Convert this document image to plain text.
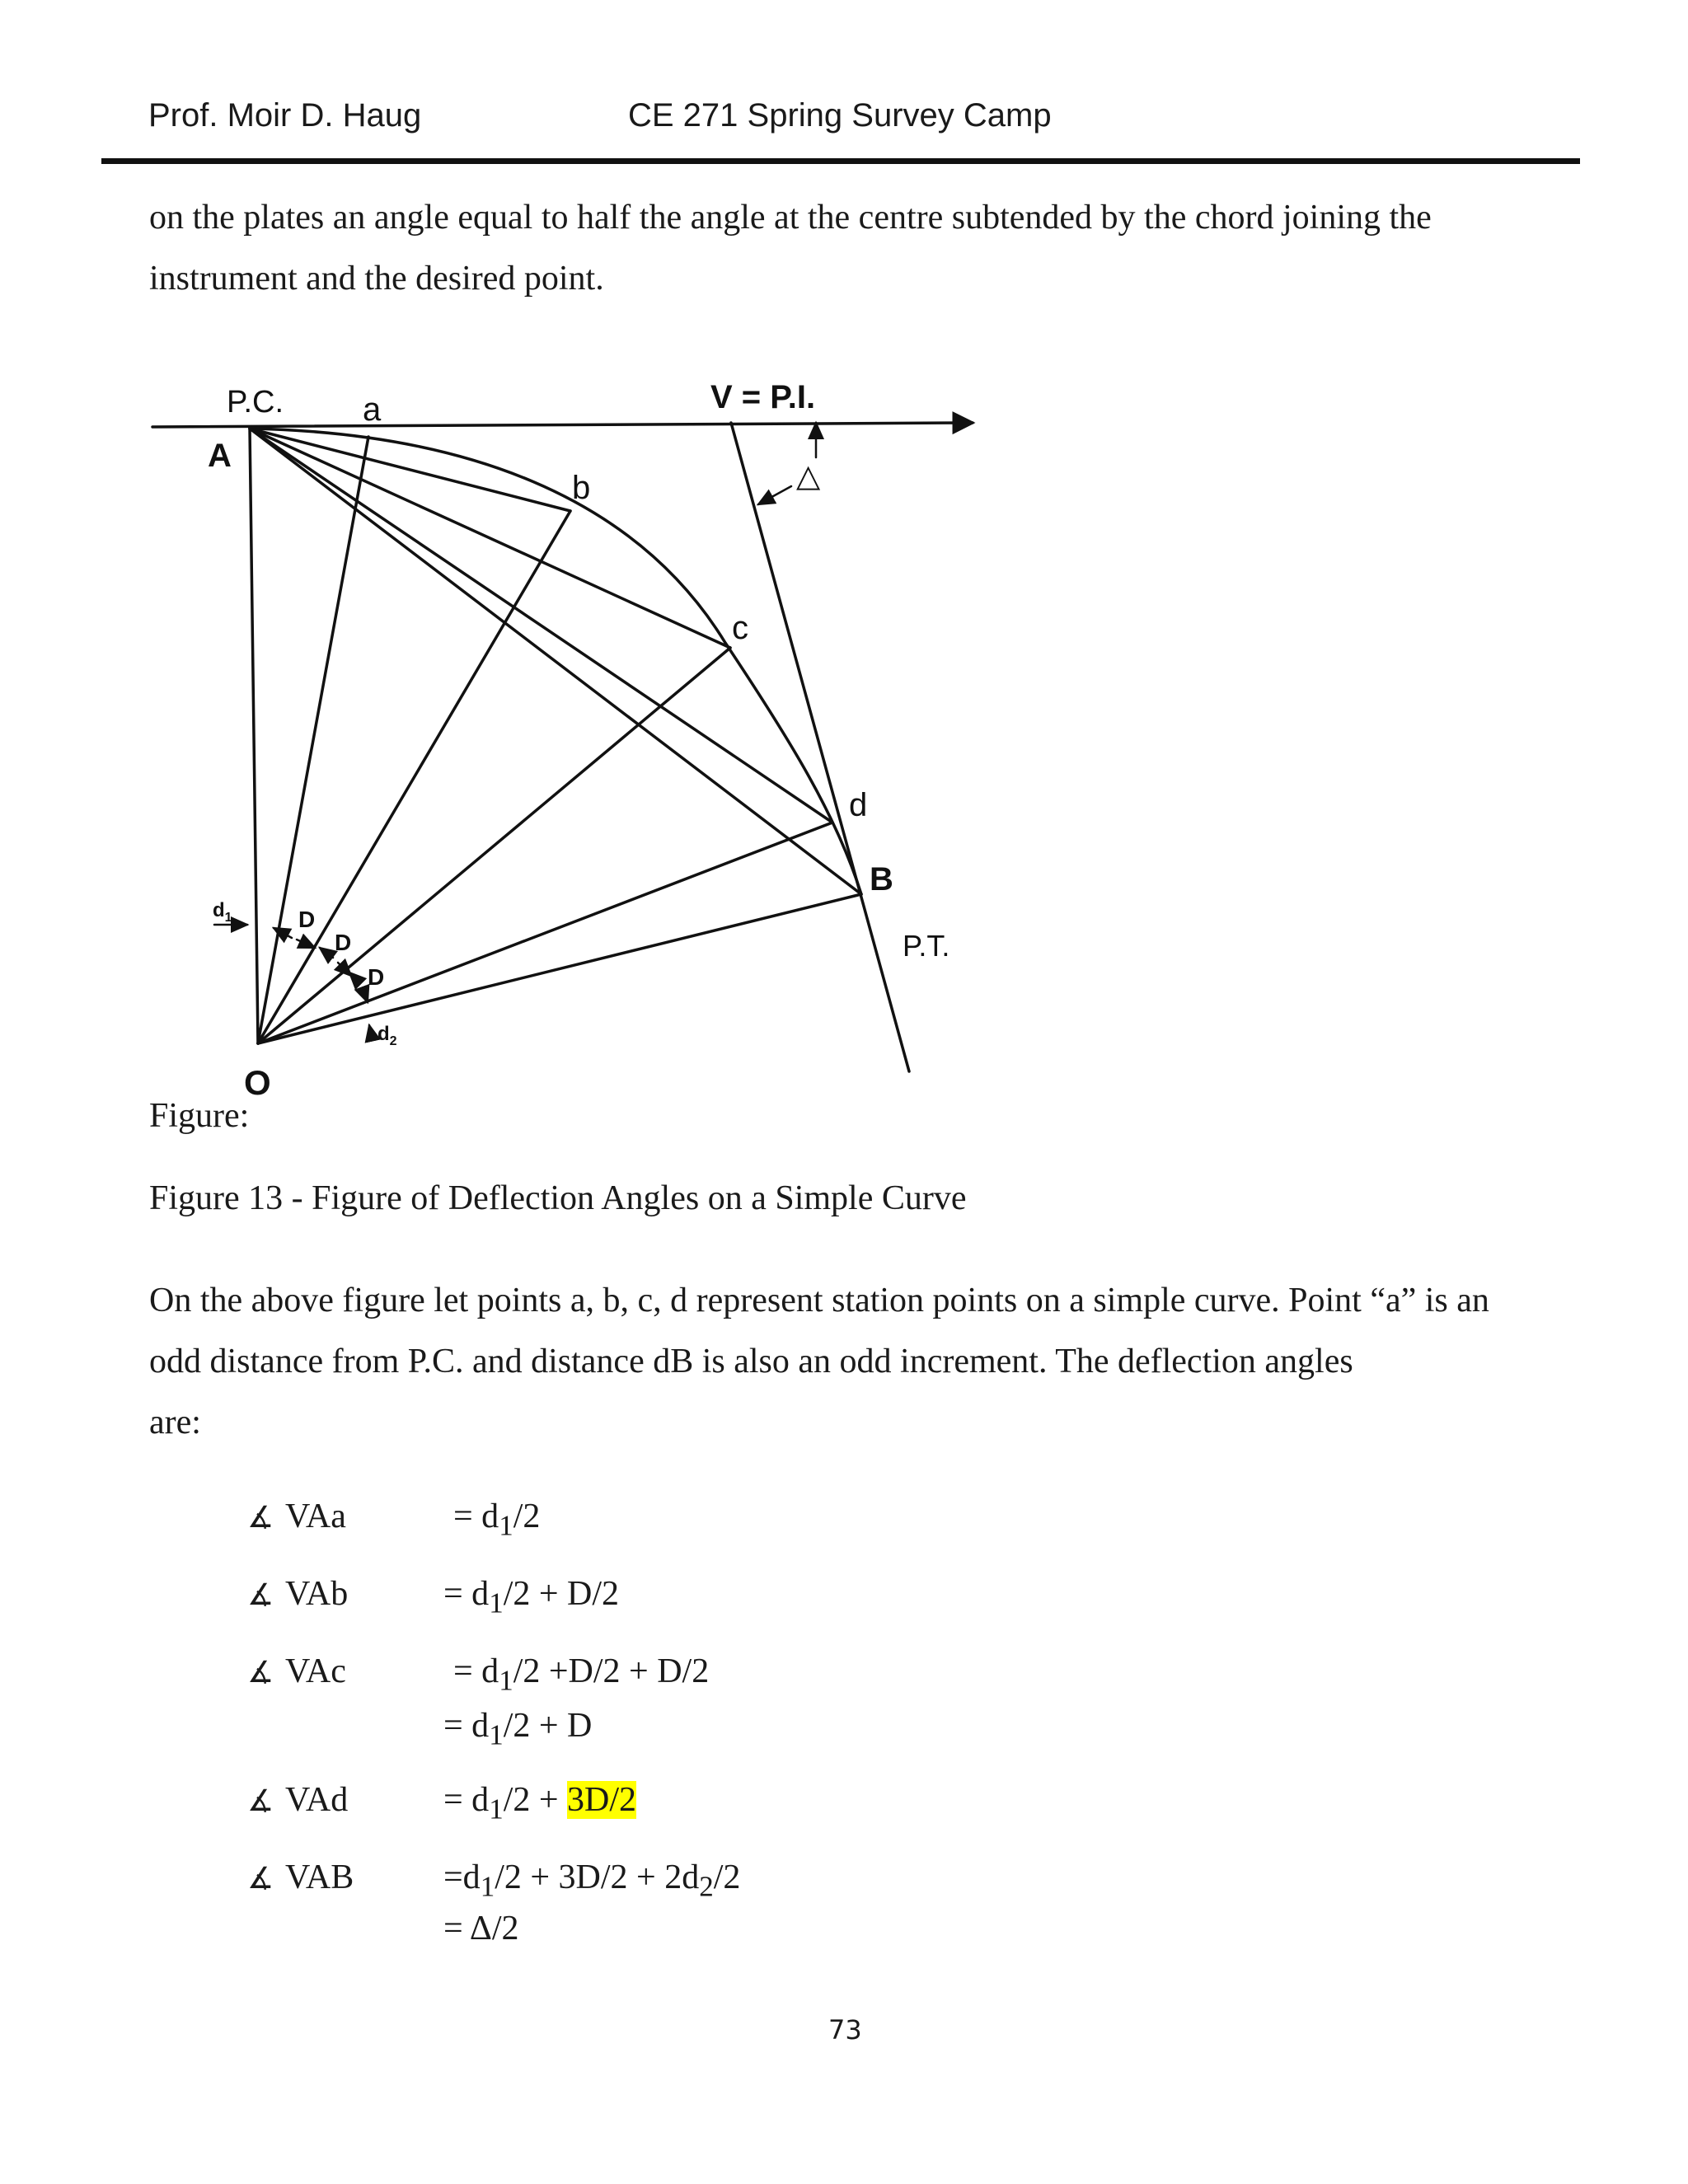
Prof. Moir D. Haug	CE 271 Spring Survey Camp
on the plates an angle equal to half the angle at the centre subtended by the chord joining the
instrument and the desired point.
P.C.
A
a	V = P.I.
△
b
c
d
B
P.T.
O
$d_1$	D
D
D
$d_2$
Figure:
Figure 13 - Figure of Deflection Angles on a Simple Curve
On the above figure let points a, b, c, d represent station points on a simple curve. Point “a” is an
odd distance from P.C. and distance dB is also an odd increment. The deflection angles
are:
∡ VAa	= $d_1/2$
∡ VAb	= $d_1/2 + D/2$
∡ VAc	= $d_1/2 +D/2 + D/2$
= $d_1/2 + D$
∡ VAd	= $d_1/2 + 3D/2$
∡ VAB	$=d_1/2 + 3D/2 + 2d_2/2$
= Δ/2
73
